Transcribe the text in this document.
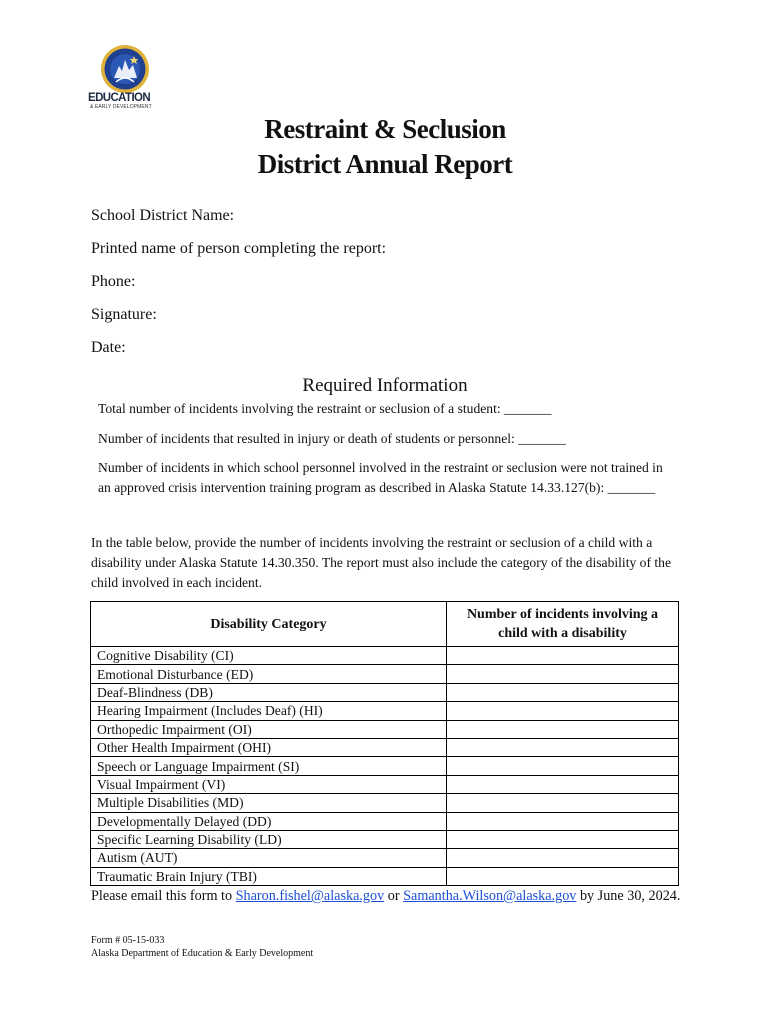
EDUCATION
& EARLY DEVELOPMENT
Restraint & Seclusion
District Annual Report
School District Name:
Printed name of person completing the report:
Phone:
Signature:
Date:
Required Information
Total number of incidents involving the restraint or seclusion of a student: _______
Number of incidents that resulted in injury or death of students or personnel: _______
Number of incidents in which school personnel involved in the restraint or seclusion were not trained in an approved crisis intervention training program as described in Alaska Statute 14.33.127(b): _______
In the table below, provide the number of incidents involving the restraint or seclusion of a child with a disability under Alaska Statute 14.30.350. The report must also include the category of the disability of the child involved in each incident.
Disability Category	Number of incidents involving a child with a disability
Cognitive Disability (CI)	
Emotional Disturbance (ED)	
Deaf-Blindness (DB)	
Hearing Impairment (Includes Deaf) (HI)	
Orthopedic Impairment (OI)	
Other Health Impairment (OHI)	
Speech or Language Impairment (SI)	
Visual Impairment (VI)	
Multiple Disabilities (MD)	
Developmentally Delayed (DD)	
Specific Learning Disability (LD)	
Autism (AUT)	
Traumatic Brain Injury (TBI)	
Please email this form to Sharon.fishel@alaska.gov or Samantha.Wilson@alaska.gov by June 30, 2024.
Form # 05-15-033
Alaska Department of Education & Early Development
